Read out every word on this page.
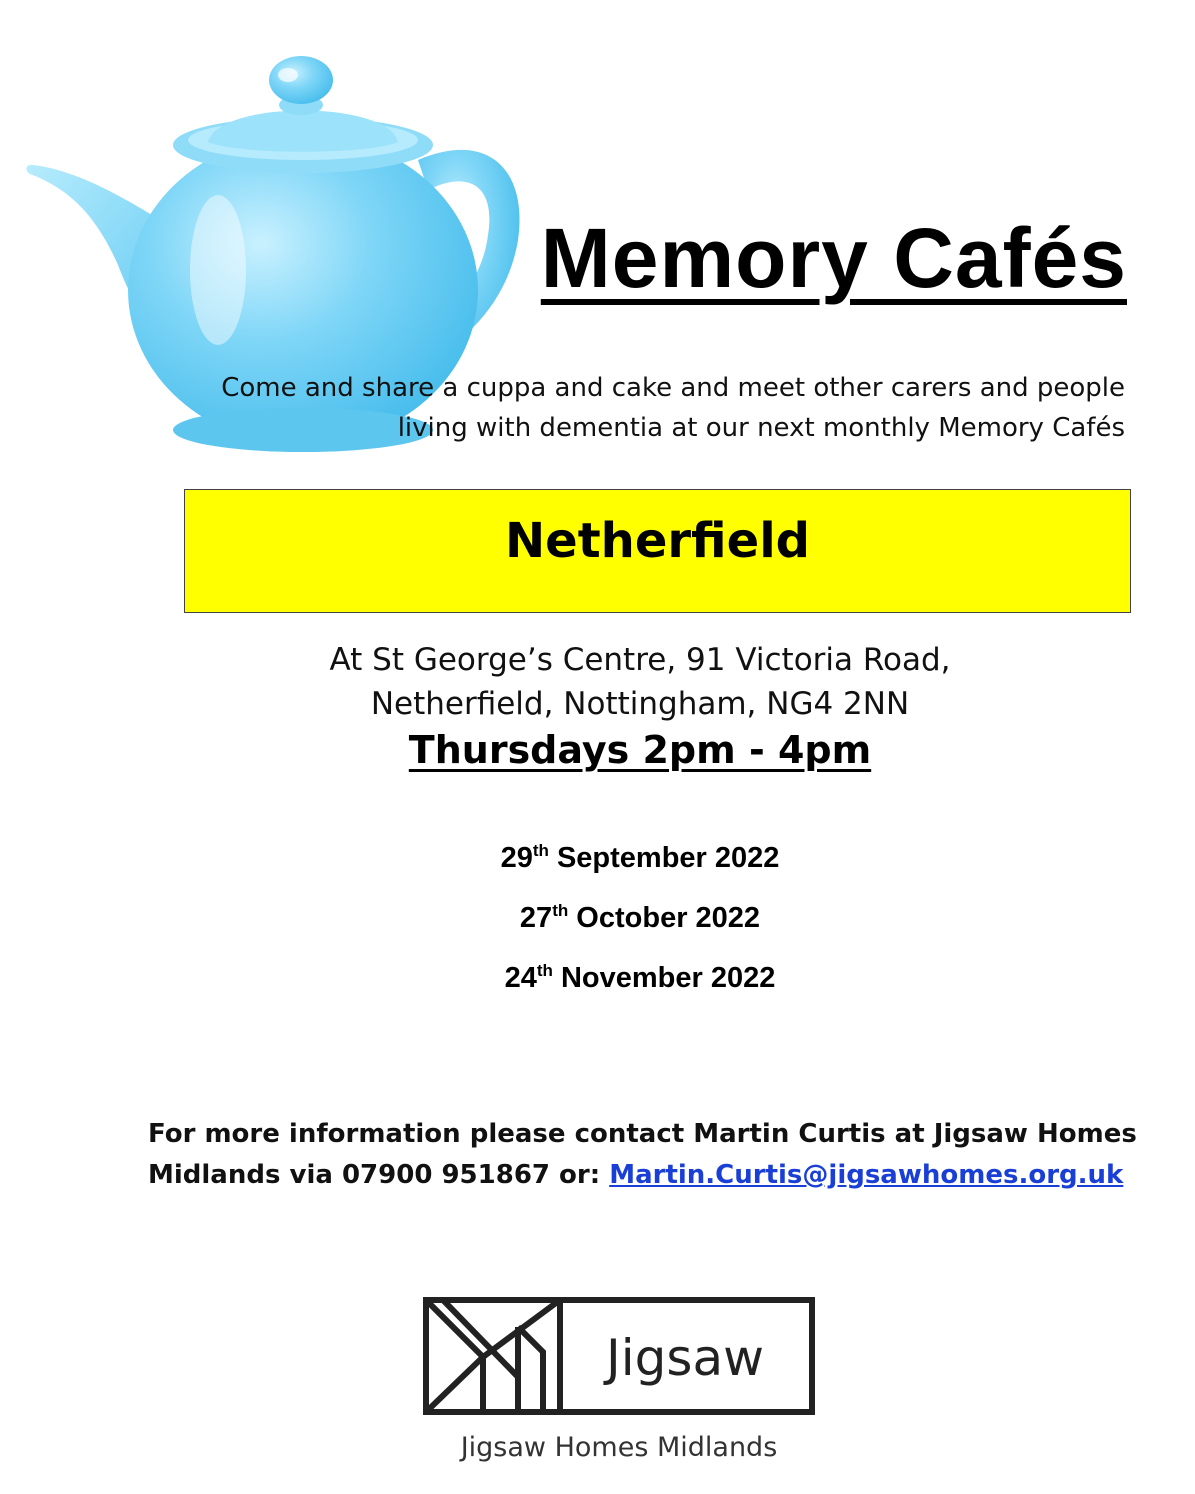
Memory Cafés

Come and share a cuppa and cake and meet other carers and people
living with dementia at our next monthly Memory Cafés

Netherfield

At St George’s Centre, 91 Victoria Road,
Netherfield, Nottingham, NG4 2NN

Thursdays 2pm - 4pm

29th September 2022
27th October 2022
24th November 2022

For more information please contact Martin Curtis at Jigsaw Homes
Midlands via 07900 951867 or: Martin.Curtis@jigsawhomes.org.uk

Jigsaw

Jigsaw Homes Midlands
